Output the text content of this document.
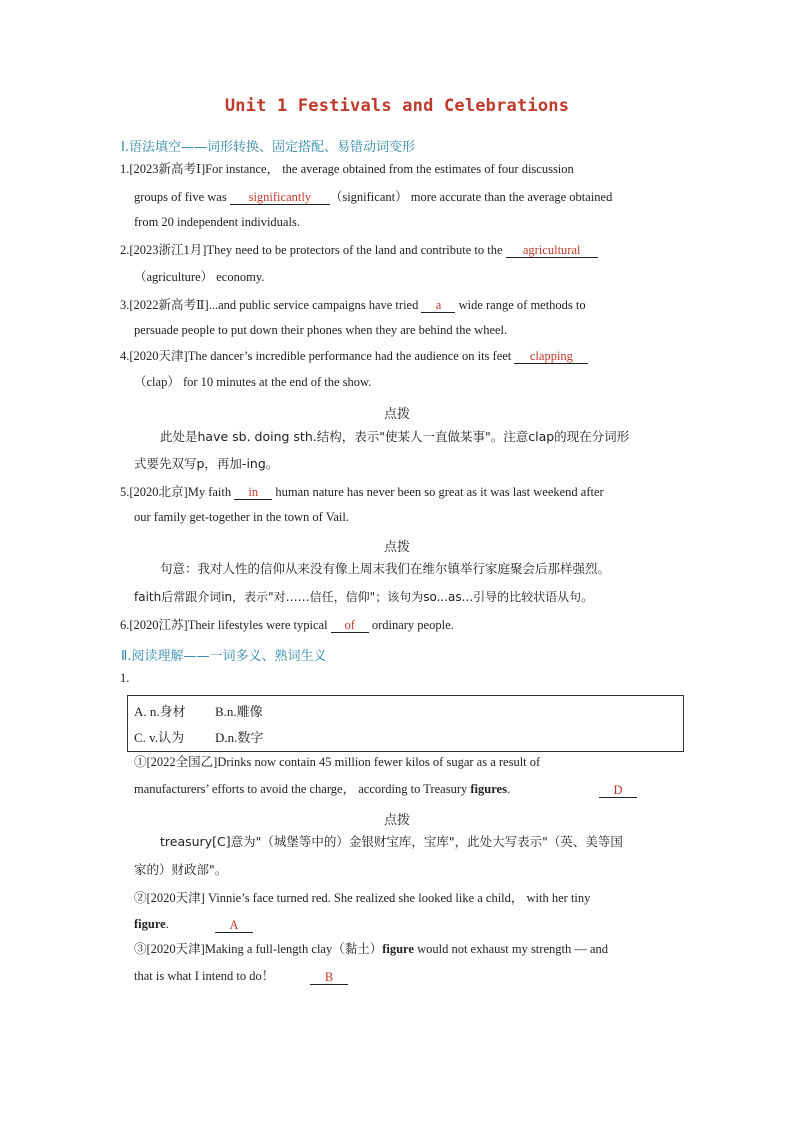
Unit 1 Festivals and Celebrations
Ⅰ.语法填空——词形转换、固定搭配、易错动词变形
1.[2023新高考Ⅰ]For instance， the average obtained from the estimates of four discussion
groups of five was significantly （significant） more accurate than the average obtained
from 20 independent individuals.
2.[2023浙江1月]They need to be protectors of the land and contribute to the agricultural
（agriculture） economy.
3.[2022新高考Ⅱ]...and public service campaigns have tried a wide range of methods to
persuade people to put down their phones when they are behind the wheel.
4.[2020天津]The dancer’s incredible performance had the audience on its feet clapping
（clap） for 10 minutes at the end of the show.
点拨
此处是have sb. doing sth.结构，表示"使某人一直做某事"。注意clap的现在分词形
式要先双写p，再加-ing。
5.[2020北京]My faith in human nature has never been so great as it was last weekend after
our family get-together in the town of Vail.
点拨
句意：我对人性的信仰从来没有像上周末我们在维尔镇举行家庭聚会后那样强烈。
faith后常跟介词in，表示"对……信任，信仰"；该句为so...as...引导的比较状语从句。
6.[2020江苏]Their lifestyles were typical of ordinary people.
Ⅱ.阅读理解——一词多义、熟词生义
1.
A. n.身材 B.n.雕像
C. v.认为 D.n.数字
①[2022全国乙]Drinks now contain 45 million fewer kilos of sugar as a result of
manufacturers’ efforts to avoid the charge， according to Treasury figures.	D
点拨
treasury[C]意为"（城堡等中的）金银财宝库，宝库"，此处大写表示"（英、美等国
家的）财政部"。
②[2020天津] Vinnie’s face turned red. She realized she looked like a child， with her tiny
figure.	A
③[2020天津]Making a full-length clay（黏土）figure would not exhaust my strength — and
that is what I intend to do！	B
